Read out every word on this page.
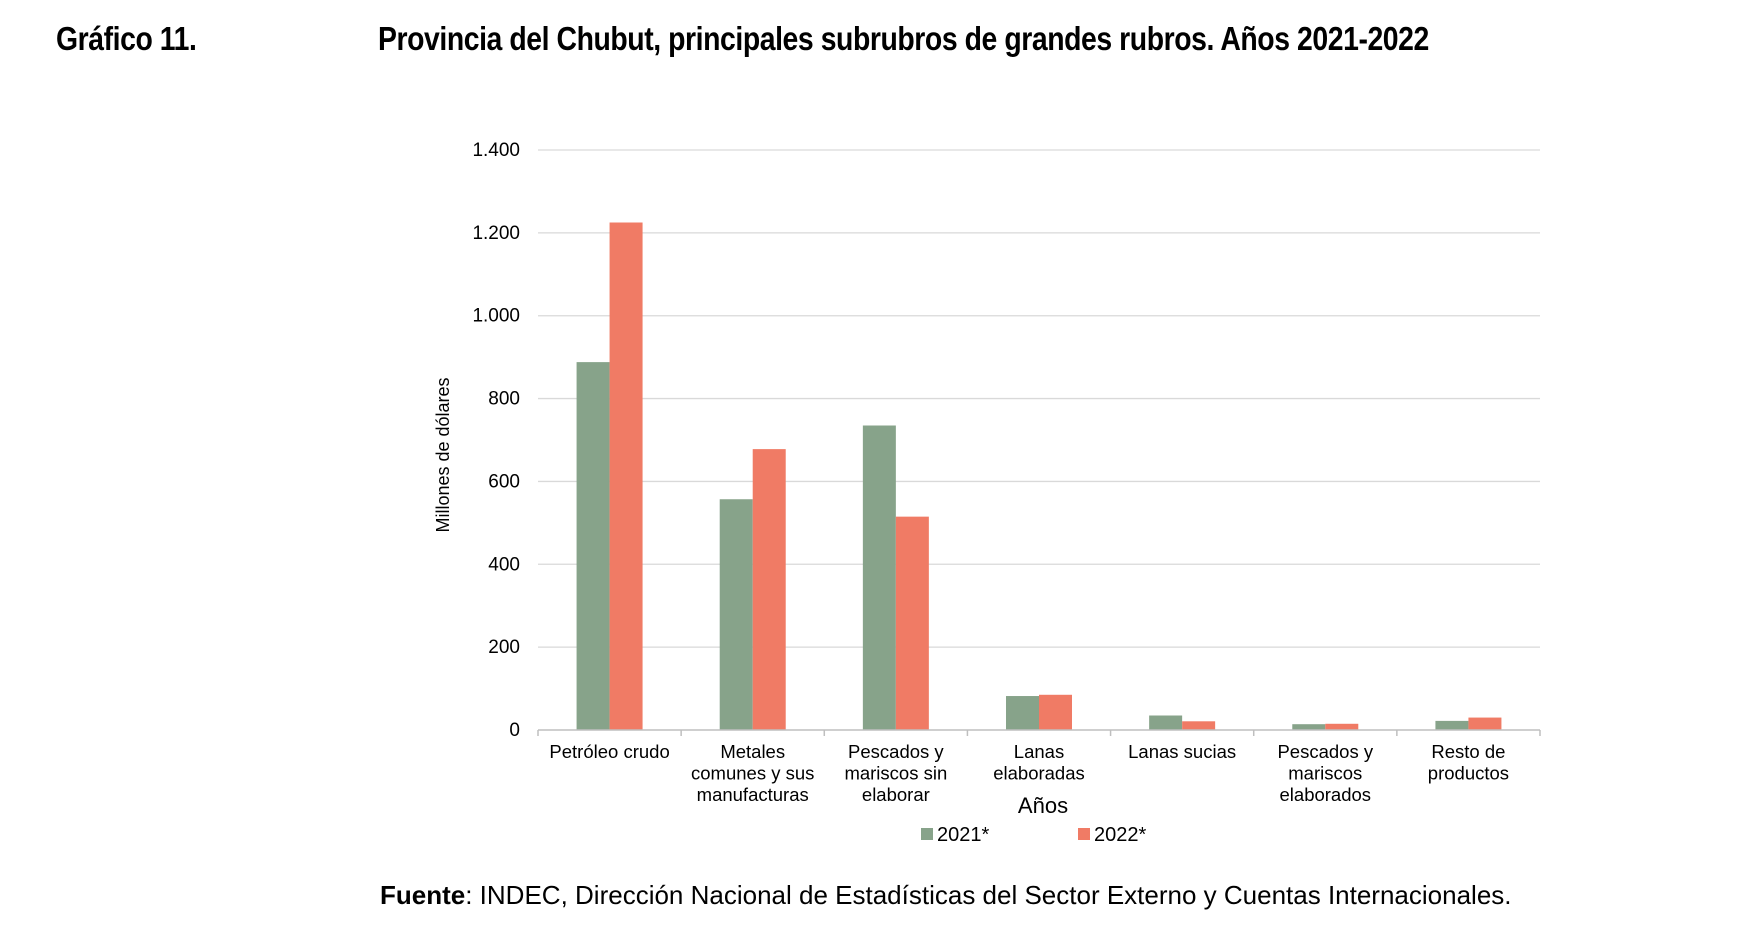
Gráfico 11.	Provincia del Chubut, principales subrubros de grandes rubros. Años 2021-2022
0
200
400
600
800
1.000
1.200
1.400
Petróleo crudo	Metales comunes y sus manufacturas
Pescados y mariscos sin elaborar
Lanas elaboradas
Lanas sucias Pescados y mariscos elaborados
Resto de productos
Años
Millones de dólares
2021*	2022*
Fuente: INDEC, Dirección Nacional de Estadísticas del Sector Externo y Cuentas Internacionales.
